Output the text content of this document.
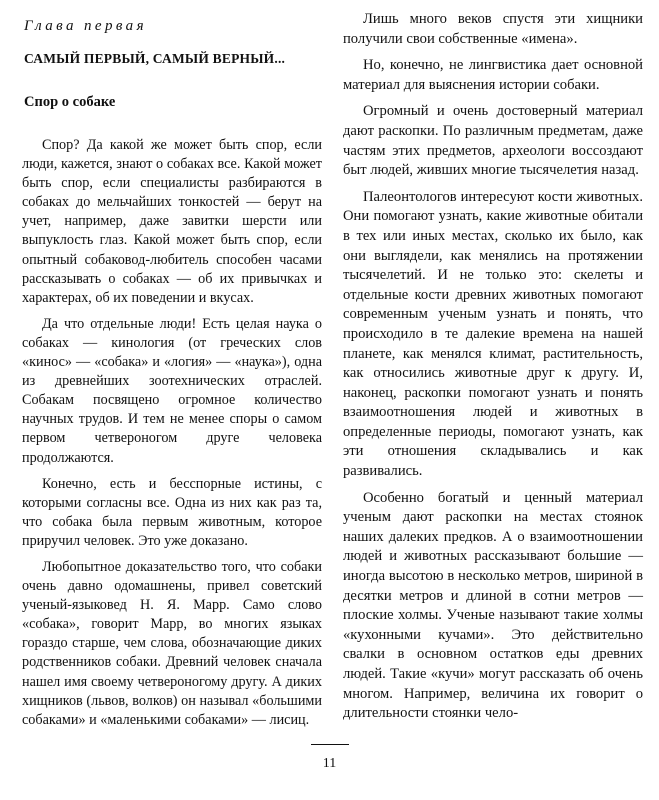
Глава первая
САМЫЙ ПЕРВЫЙ, САМЫЙ ВЕРНЫЙ...
Спор о собаке

Спор? Да какой же может быть спор, если люди, кажется, знают о собаках все. Какой может быть спор, если специалисты разбираются в собаках до мельчайших тонкостей — берут на учет, например, даже завитки шерсти или выпуклость глаз. Какой может быть спор, если опытный собаковод-любитель способен часами рассказывать о собаках — об их привычках и характерах, об их поведении и вкусах.

Да что отдельные люди! Есть целая наука о собаках — кинология (от греческих слов «кинос» — «собака» и «логия» — «наука»), одна из древнейших зоотехнических отраслей. Собакам посвящено огромное количество научных трудов. И тем не менее споры о самом первом четвероногом друге человека продолжаются.

Конечно, есть и бесспорные истины, с которыми согласны все. Одна из них как раз та, что собака была первым животным, которое приручил человек. Это уже доказано.

Любопытное доказательство того, что собаки очень давно одомашнены, привел советский ученый-языковед Н. Я. Марр. Само слово «собака», говорит Марр, во многих языках гораздо старше, чем слова, обозначающие диких родственников собаки. Древний человек сначала нашел имя своему четвероногому другу. А диких хищников (львов, волков) он называл «большими собаками» и «маленькими собаками» — лисиц.

Лишь много веков спустя эти хищники получили свои собственные «имена».

Но, конечно, не лингвистика дает основной материал для выяснения истории собаки.

Огромный и очень достоверный материал дают раскопки. По различным предметам, даже частям этих предметов, археологи воссоздают быт людей, живших многие тысячелетия назад.

Палеонтологов интересуют кости животных. Они помогают узнать, какие животные обитали в тех или иных местах, сколько их было, как они выглядели, как менялись на протяжении тысячелетий. И не только это: скелеты и отдельные кости древних животных помогают современным ученым узнать и понять, что происходило в те далекие времена на нашей планете, как менялся климат, растительность, как относились животные друг к другу. И, наконец, раскопки помогают узнать и понять взаимоотношения людей и животных в определенные периоды, помогают узнать, как эти отношения складывались и как развивались.

Особенно богатый и ценный материал ученым дают раскопки на местах стоянок наших далеких предков. А о взаимоотношении людей и животных рассказывают большие — иногда высотою в несколько метров, шириной в десятки метров и длиной в сотни метров — плоские холмы. Ученые называют такие холмы «кухонными кучами». Это действительно свалки в основном остатков еды древних людей. Такие «кучи» могут рассказать об очень многом. Например, величина их говорит о длительности стоянки чело-

11
